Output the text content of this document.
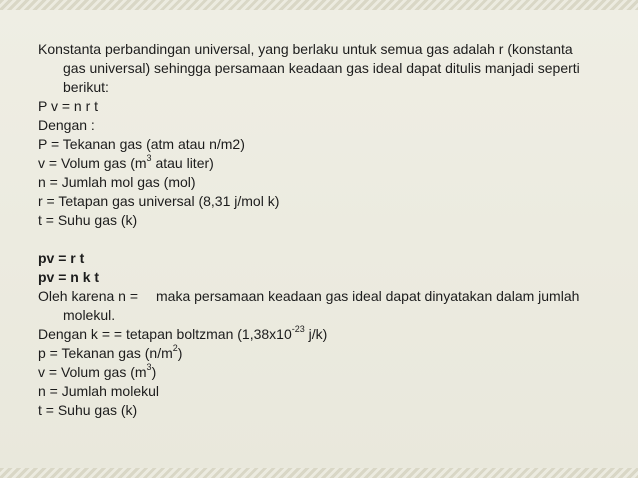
Konstanta perbandingan universal, yang berlaku untuk semua gas adalah r (konstanta gas universal) sehingga persamaan keadaan gas ideal dapat ditulis manjadi seperti berikut:

P v = n r t

Dengan :

P = Tekanan gas (atm atau n/m2)

v = Volum gas ($m^3$ atau liter)

n = Jumlah mol gas (mol)

r = Tetapan gas universal (8,31 j/mol k)

t = Suhu gas (k)

pv = r t

pv = n k t

Oleh karena n = maka persamaan keadaan gas ideal dapat dinyatakan dalam jumlah molekul.

Dengan k = = tetapan boltzman ($1,38x10^{-23}$ j/k)

p = Tekanan gas $(n/m^2)$

v = Volum gas $(m^3)$

n = Jumlah molekul

t = Suhu gas (k)
